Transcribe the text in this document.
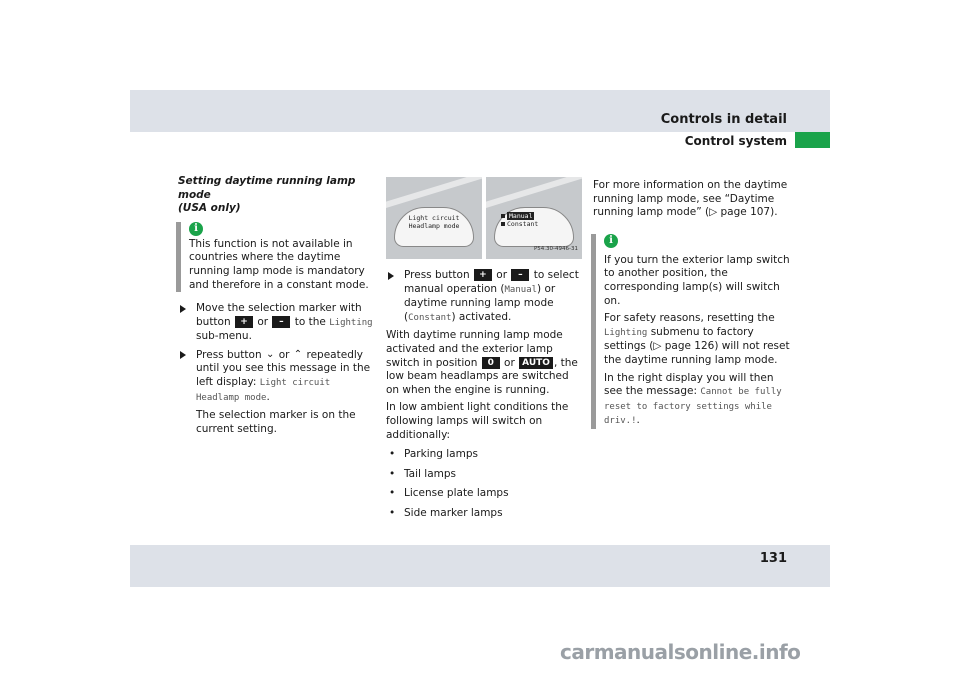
Controls in detail
Control system
Setting daytime running lamp mode
(USA only)
i
This function is not available in countries where the daytime running lamp mode is mandatory and therefore in a constant mode.
Move the selection marker with button + or – to the Lighting sub-menu.
Press button ⌄ or ⌃ repeatedly until you see this message in the left display: Light circuit Headlamp mode.

The selection marker is on the current setting.

Light circuit
Headlamp mode
Manual
Constant
P54.30-4946-31
Press button + or – to select manual operation (Manual) or daytime running lamp mode (Constant) activated.

With daytime running lamp mode activated and the exterior lamp switch in position 0 or AUTO , the low beam headlamps are switched on when the engine is running.

In low ambient light conditions the following lamps will switch on additionally:

• Parking lamps
• Tail lamps
• License plate lamps
• Side marker lamps

For more information on the daytime running lamp mode, see “Daytime running lamp mode” (▷ page 107).

i

If you turn the exterior lamp switch to another position, the corresponding lamp(s) will switch on.

For safety reasons, resetting the Lighting submenu to factory settings (▷ page 126) will not reset the daytime running lamp mode.

In the right display you will then see the message: Cannot be fully reset to factory settings while driv.!.

131
carmanualsonline.info
